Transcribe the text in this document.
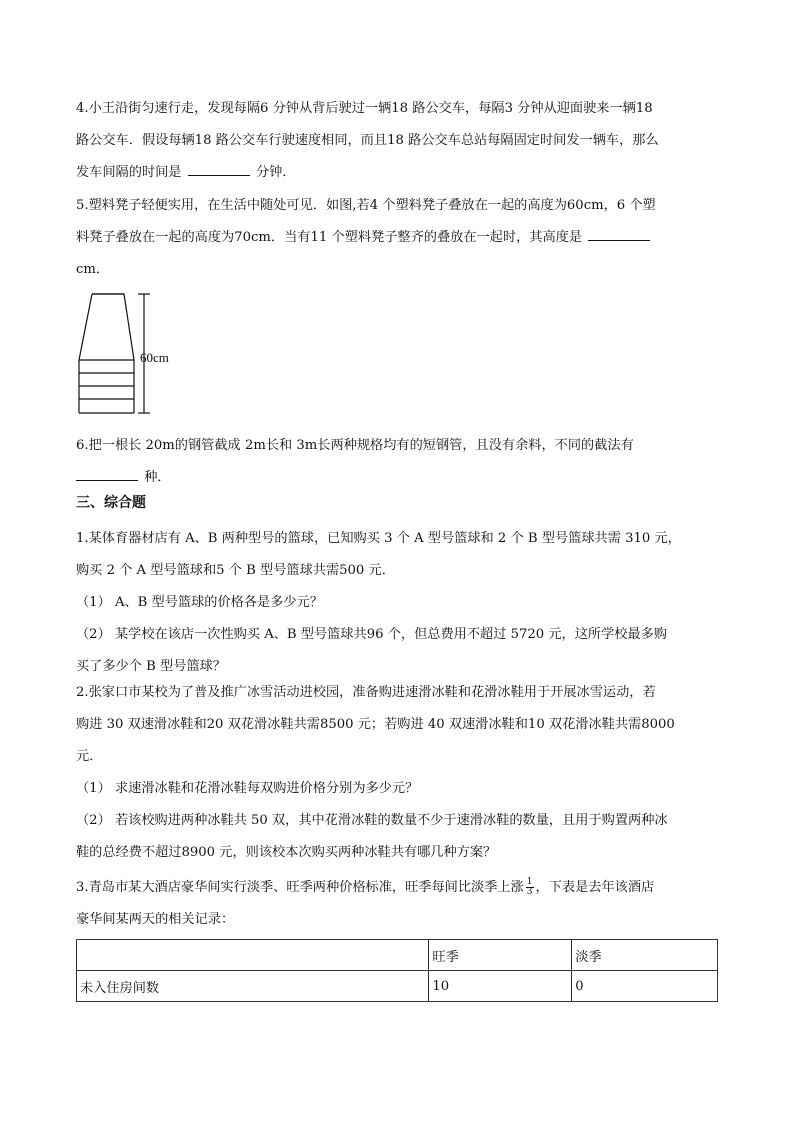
4.小王沿街匀速行走，发现每隔6 分钟从背后驶过一辆18 路公交车，每隔3 分钟从迎面驶来一辆18
路公交车．假设每辆18 路公交车行驶速度相同，而且18 路公交车总站每隔固定时间发一辆车，那么
发车间隔的时间是	分钟．

5.塑料凳子轻便实用，在生活中随处可见．如图,若4 个塑料凳子叠放在一起的高度为60cm，6 个塑
料凳子叠放在一起的高度为70cm．当有11 个塑料凳子整齐的叠放在一起时，其高度是
cm．

60cm

6.把一根长 20m的钢管截成 2m长和 3m长两种规格均有的短钢管，且没有余料，不同的截法有
种．

三、综合题

1.某体育器材店有 A、B 两种型号的篮球，已知购买 3 个 A 型号篮球和 2 个 B 型号篮球共需 310 元，
购买 2 个 A 型号篮球和5 个 B 型号篮球共需500 元．
（1） A、B 型号篮球的价格各是多少元？
（2） 某学校在该店一次性购买 A、B 型号篮球共96 个，但总费用不超过 5720 元，这所学校最多购
买了多少个 B 型号篮球？

2.张家口市某校为了普及推广冰雪活动进校园，准备购进速滑冰鞋和花滑冰鞋用于开展冰雪运动，若
购进 30 双速滑冰鞋和20 双花滑冰鞋共需8500 元；若购进 40 双速滑冰鞋和10 双花滑冰鞋共需8000
元．
（1） 求速滑冰鞋和花滑冰鞋每双购进价格分别为多少元？
（2） 若该校购进两种冰鞋共 50 双，其中花滑冰鞋的数量不少于速滑冰鞋的数量，且用于购置两种冰
鞋的总经费不超过8900 元，则该校本次购买两种冰鞋共有哪几种方案？

3.青岛市某大酒店豪华间实行淡季、旺季两种价格标准，旺季每间比淡季上涨 $\frac{1}{3}$ ，下表是去年该酒店
豪华间某两天的相关记录：

	旺季	淡季
未入住房间数	10	0
